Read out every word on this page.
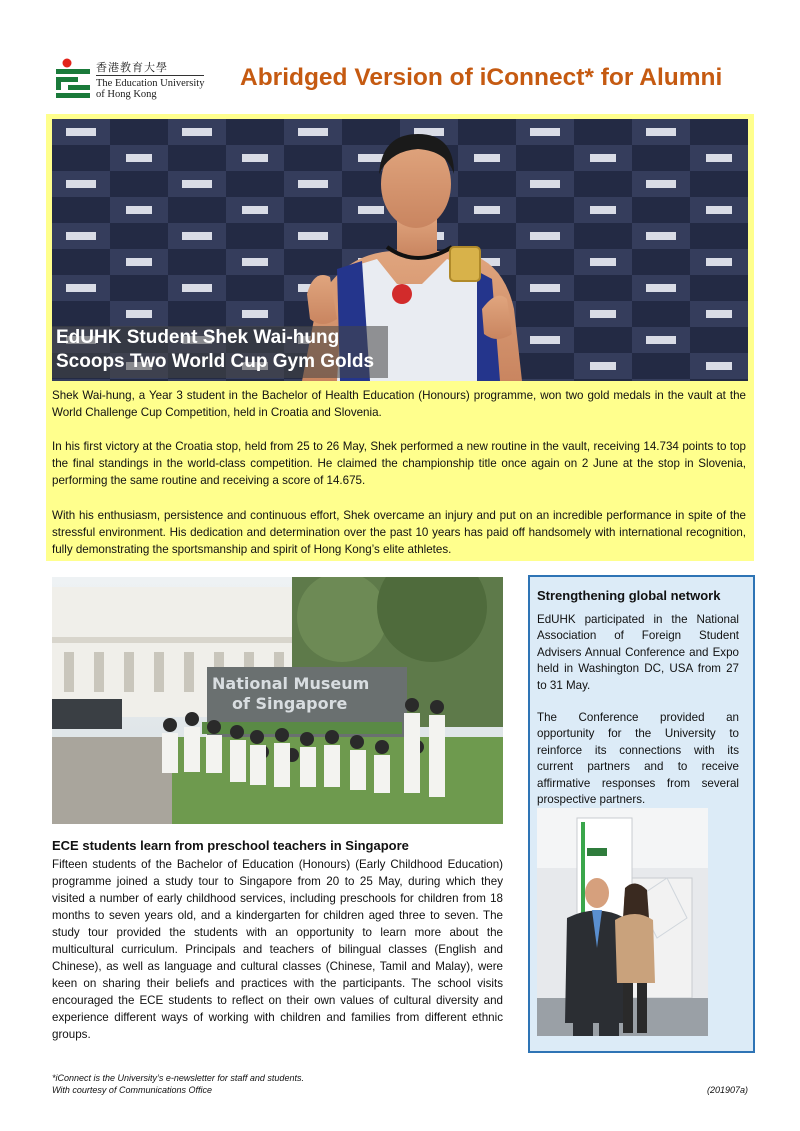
香港教育大學
The Education University
of Hong Kong
Abridged Version of iConnect* for Alumni
EdUHK Student Shek Wai-hung
Scoops Two World Cup Gym Golds
Shek Wai-hung, a Year 3 student in the Bachelor of Health Education (Honours) programme, won two gold medals in the vault at the World Challenge Cup Competition, held in Croatia and Slovenia.
In his first victory at the Croatia stop, held from 25 to 26 May, Shek performed a new routine in the vault, receiving 14.734 points to top the final standings in the world-class competition. He claimed the championship title once again on 2 June at the stop in Slovenia, performing the same routine and receiving a score of 14.675.
With his enthusiasm, persistence and continuous effort, Shek overcame an injury and put on an incredible performance in spite of the stressful environment. His dedication and determination over the past 10 years has paid off handsomely with international recognition, fully demonstrating the sportsmanship and spirit of Hong Kong’s elite athletes.
National Museum
of Singapore
ECE students learn from preschool teachers in Singapore
Fifteen students of the Bachelor of Education (Honours) (Early Childhood Education) programme joined a study tour to Singapore from 20 to 25 May, during which they visited a number of early childhood services, including preschools for children from 18 months to seven years old, and a kindergarten for children aged three to seven. The study tour provided the students with an opportunity to learn more about the multicultural curriculum. Principals and teachers of bilingual classes (English and Chinese), as well as language and cultural classes (Chinese, Tamil and Malay), were keen on sharing their beliefs and practices with the participants. The school visits encouraged the ECE students to reflect on their own values of cultural diversity and experience different ways of working with children and families from different ethnic groups.
Strengthening global network
EdUHK participated in the National Association of Foreign Student Advisers Annual Conference and Expo held in Washington DC, USA from 27 to 31 May.
The Conference provided an opportunity for the University to reinforce its connections with its current partners and to receive affirmative responses from several prospective partners.
*iConnect is the University’s e-newsletter for staff and students.
With courtesy of Communications Office	(201907a)
